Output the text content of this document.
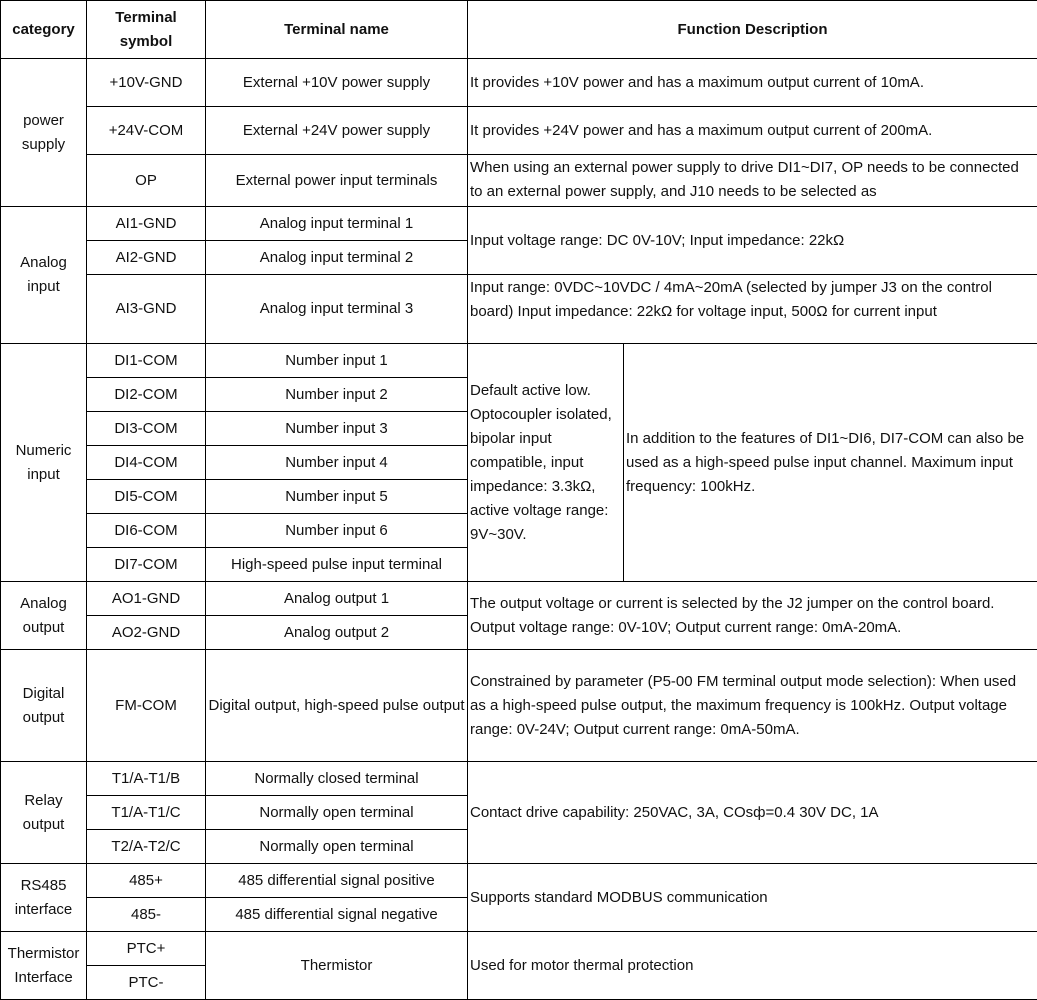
category	Terminal symbol	Terminal name	Function Description	
power supply	+10V-GND	External +10V power supply	It provides +10V power and has a maximum output current of 10mA.	
	+24V-COM	External +24V power supply	It provides +24V power and has a maximum output current of 200mA.	
	OP	External power input terminals	When using an external power supply to drive DI1~DI7, OP needs to be connected to an external power supply, and J10 needs to be selected as	

Analog input	AI1-GND	Analog input terminal 1	Input voltage range: DC 0V-10V; Input impedance: 22kΩ	
	AI2-GND	Analog input terminal 2		
	AI3-GND	Analog input terminal 3	Input range: 0VDC~10VDC / 4mA~20mA (selected by jumper J3 on the control board) Input impedance: 22kΩ for voltage input, 500Ω for current input	

Numeric input	DI1-COM	Number input 1	Default active low. Optocoupler isolated, bipolar input compatible, input impedance: 3.3kΩ, active voltage range: 9V~30V.	In addition to the features of DI1~DI6, DI7-COM can also be used as a high-speed pulse input channel. Maximum input frequency: 100kHz.
	DI2-COM	Number input 2		
	DI3-COM	Number input 3		
	DI4-COM	Number input 4		
	DI5-COM	Number input 5		
	DI6-COM	Number input 6		
	DI7-COM	High-speed pulse input terminal		
Analog output	AO1-GND	Analog output 1	The output voltage or current is selected by the J2 jumper on the control board. Output voltage range: 0V-10V; Output current range: 0mA-20mA.	
	AO2-GND	Analog output 2		
Digital output	FM-COM	Digital output, high-speed pulse output	Constrained by parameter (P5-00 FM terminal output mode selection): When used as a high-speed pulse output, the maximum frequency is 100kHz. Output voltage range: 0V-24V; Output current range: 0mA-50mA.	
Relay output	T1/A-T1/B	Normally closed terminal	Contact drive capability: 250VAC, 3A, COsф=0.4 30V DC, 1A	
	T1/A-T1/C	Normally open terminal		
	T2/A-T2/C	Normally open terminal		
RS485 interface	485+	485 differential signal positive	Supports standard MODBUS communication	
	485-	485 differential signal negative		
Thermistor Interface	PTC+	Thermistor	Used for motor thermal protection	
	PTC-			
